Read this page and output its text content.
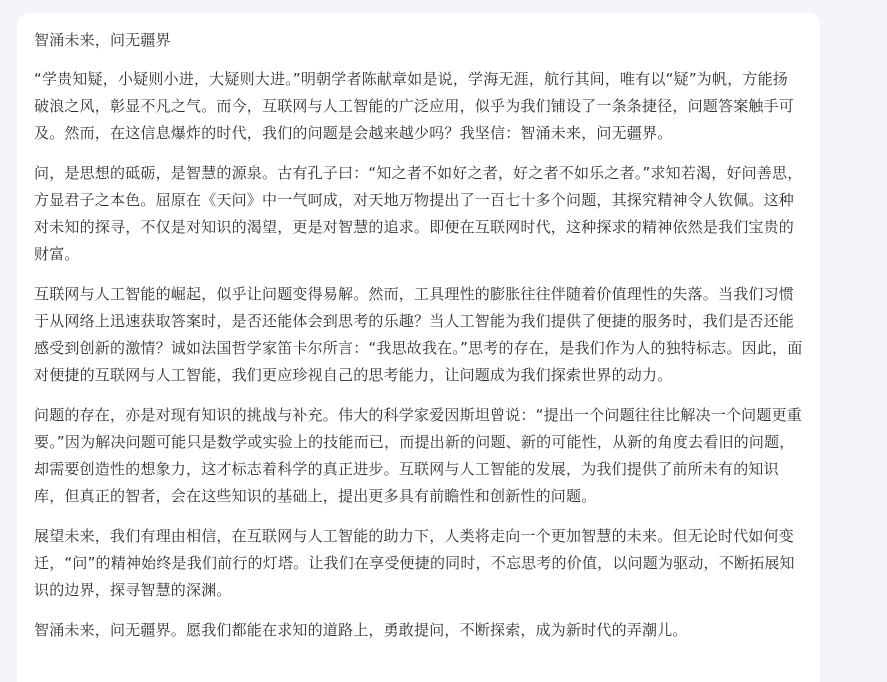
智涌未来，问无疆界

“学贵知疑，小疑则小进，大疑则大进。”明朝学者陈献章如是说，学海无涯，航行其间，唯有以“疑”为帆，方能扬破浪之风，彰显不凡之气。而今，互联网与人工智能的广泛应用，似乎为我们铺设了一条条捷径，问题答案触手可及。然而，在这信息爆炸的时代，我们的问题是会越来越少吗？我坚信：智涌未来，问无疆界。

问，是思想的砥砺，是智慧的源泉。古有孔子曰：“知之者不如好之者，好之者不如乐之者。”求知若渴，好问善思，方显君子之本色。屈原在《天问》中一气呵成，对天地万物提出了一百七十多个问题，其探究精神令人钦佩。这种对未知的探寻，不仅是对知识的渴望，更是对智慧的追求。即便在互联网时代，这种探求的精神依然是我们宝贵的财富。

互联网与人工智能的崛起，似乎让问题变得易解。然而，工具理性的膨胀往往伴随着价值理性的失落。当我们习惯于从网络上迅速获取答案时，是否还能体会到思考的乐趣？当人工智能为我们提供了便捷的服务时，我们是否还能感受到创新的激情？诚如法国哲学家笛卡尔所言：“我思故我在。”思考的存在，是我们作为人的独特标志。因此，面对便捷的互联网与人工智能，我们更应珍视自己的思考能力，让问题成为我们探索世界的动力。

问题的存在，亦是对现有知识的挑战与补充。伟大的科学家爱因斯坦曾说：“提出一个问题往往比解决一个问题更重要。”因为解决问题可能只是数学或实验上的技能而已，而提出新的问题、新的可能性，从新的角度去看旧的问题，却需要创造性的想象力，这才标志着科学的真正进步。互联网与人工智能的发展，为我们提供了前所未有的知识库，但真正的智者，会在这些知识的基础上，提出更多具有前瞻性和创新性的问题。

展望未来，我们有理由相信，在互联网与人工智能的助力下，人类将走向一个更加智慧的未来。但无论时代如何变迁，“问”的精神始终是我们前行的灯塔。让我们在享受便捷的同时，不忘思考的价值，以问题为驱动，不断拓展知识的边界，探寻智慧的深渊。

智涌未来，问无疆界。愿我们都能在求知的道路上，勇敢提问，不断探索，成为新时代的弄潮儿。
